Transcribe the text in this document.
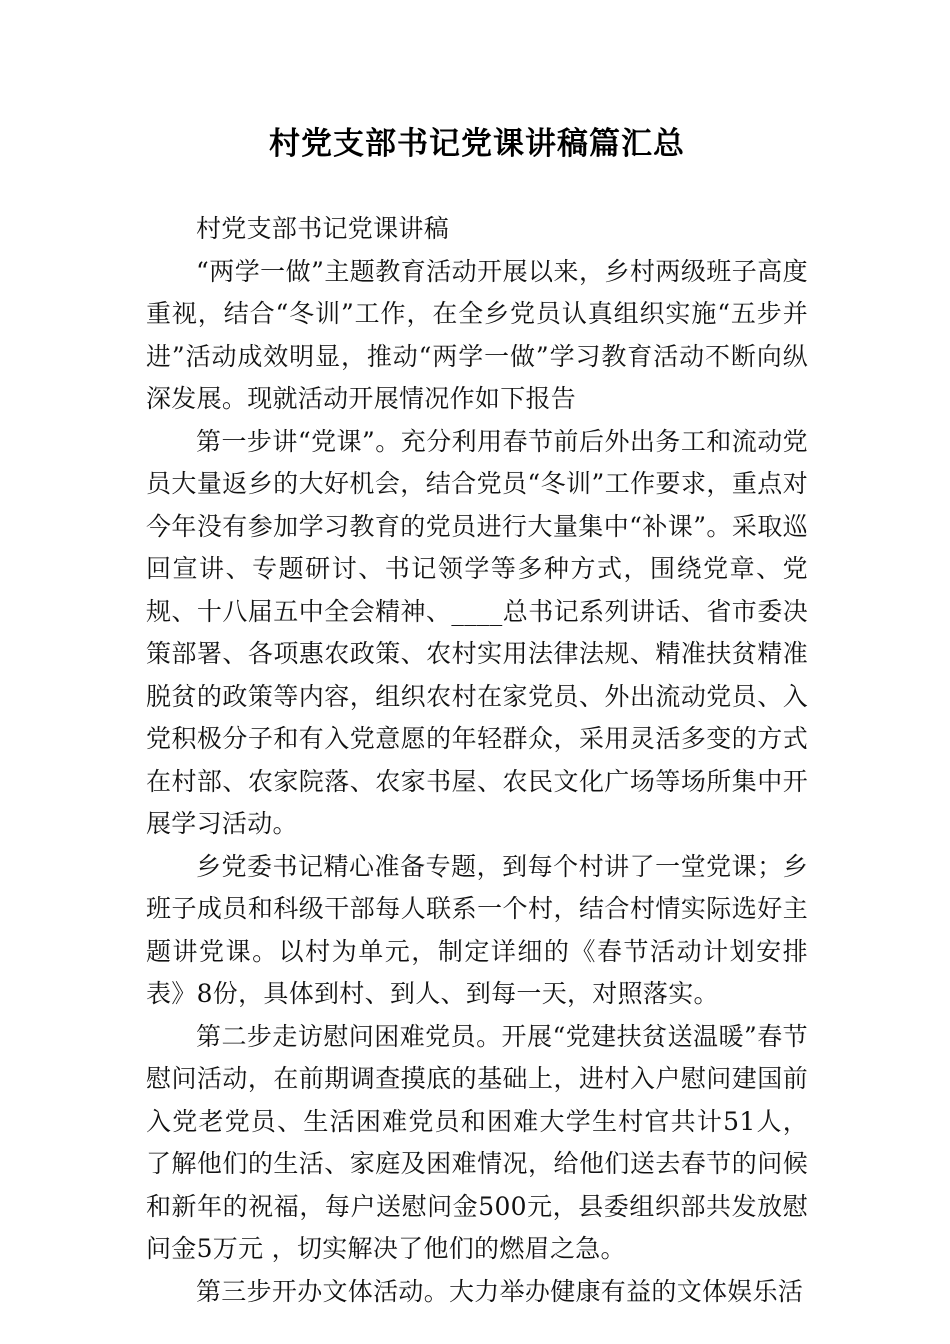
村党支部书记党课讲稿篇汇总

村党支部书记党课讲稿

“两学一做”主题教育活动开展以来，乡村两级班子高度重视，结合“冬训”工作，在全乡党员认真组织实施“五步并进”活动成效明显，推动“两学一做”学习教育活动不断向纵深发展。现就活动开展情况作如下报告

第一步讲“党课”。充分利用春节前后外出务工和流动党员大量返乡的大好机会，结合党员“冬训”工作要求，重点对今年没有参加学习教育的党员进行大量集中“补课”。采取巡回宣讲、专题研讨、书记领学等多种方式，围绕党章、党规、十八届五中全会精神、____总书记系列讲话、省市委决策部署、各项惠农政策、农村实用法律法规、精准扶贫精准脱贫的政策等内容，组织农村在家党员、外出流动党员、入党积极分子和有入党意愿的年轻群众，采用灵活多变的方式在村部、农家院落、农家书屋、农民文化广场等场所集中开展学习活动。

乡党委书记精心准备专题，到每个村讲了一堂党课；乡班子成员和科级干部每人联系一个村，结合村情实际选好主题讲党课。以村为单元，制定详细的《春节活动计划安排表》8份，具体到村、到人、到每一天，对照落实。

第二步走访慰问困难党员。开展“党建扶贫送温暖”春节慰问活动，在前期调查摸底的基础上，进村入户慰问建国前入党老党员、生活困难党员和困难大学生村官共计51人，了解他们的生活、家庭及困难情况，给他们送去春节的问候和新年的祝福，每户送慰问金500元，县委组织部共发放慰问金5万元 ，切实解决了他们的燃眉之急。

第三步开办文体活动。大力举办健康有益的文体娱乐活
